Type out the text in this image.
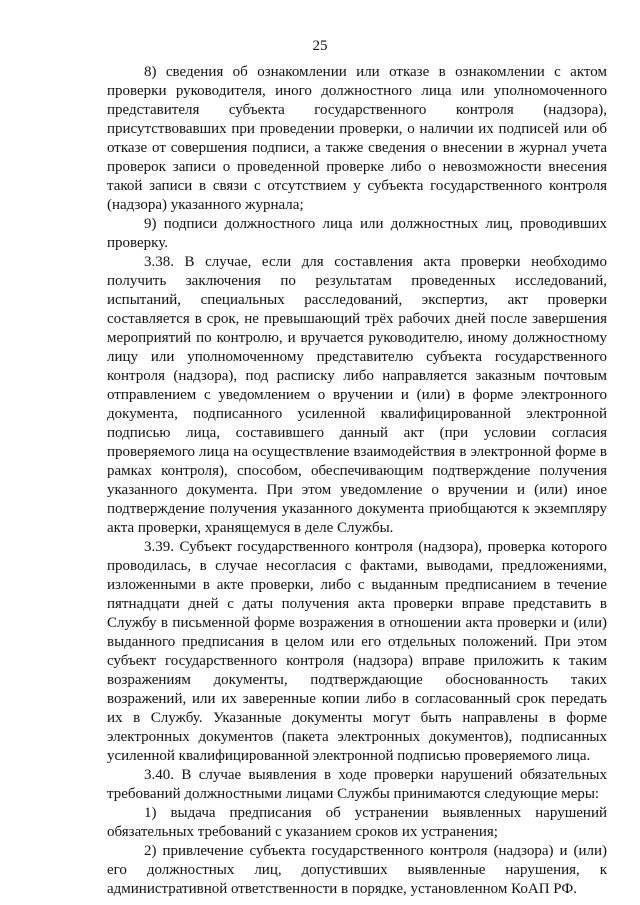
25
8) сведения об ознакомлении или отказе в ознакомлении с актом
проверки руководителя, иного должностного лица или уполномоченного
представителя субъекта государственного контроля (надзора),
присутствовавших при проведении проверки, о наличии их подписей или об
отказе от совершения подписи, а также сведения о внесении в журнал учета
проверок записи о проведенной проверке либо о невозможности внесения
такой записи в связи с отсутствием у субъекта государственного контроля
(надзора) указанного журнала;
9) подписи должностного лица или должностных лиц, проводивших
проверку.
3.38. В случае, если для составления акта проверки необходимо
получить заключения по результатам проведенных исследований,
испытаний, специальных расследований, экспертиз, акт проверки
составляется в срок, не превышающий трёх рабочих дней после завершения
мероприятий по контролю, и вручается руководителю, иному должностному
лицу или уполномоченному представителю субъекта государственного
контроля (надзора), под расписку либо направляется заказным почтовым
отправлением с уведомлением о вручении и (или) в форме электронного
документа, подписанного усиленной квалифицированной электронной
подписью лица, составившего данный акт (при условии согласия
проверяемого лица на осуществление взаимодействия в электронной форме в
рамках контроля), способом, обеспечивающим подтверждение получения
указанного документа. При этом уведомление о вручении и (или) иное
подтверждение получения указанного документа приобщаются к экземпляру
акта проверки, хранящемуся в деле Службы.
3.39. Субъект государственного контроля (надзора), проверка которого
проводилась, в случае несогласия с фактами, выводами, предложениями,
изложенными в акте проверки, либо с выданным предписанием в течение
пятнадцати дней с даты получения акта проверки вправе представить в
Службу в письменной форме возражения в отношении акта проверки и (или)
выданного предписания в целом или его отдельных положений. При этом
субъект государственного контроля (надзора) вправе приложить к таким
возражениям документы, подтверждающие обоснованность таких
возражений, или их заверенные копии либо в согласованный срок передать
их в Службу. Указанные документы могут быть направлены в форме
электронных документов (пакета электронных документов), подписанных
усиленной квалифицированной электронной подписью проверяемого лица.
3.40. В случае выявления в ходе проверки нарушений обязательных
требований должностными лицами Службы принимаются следующие меры:
1) выдача предписания об устранении выявленных нарушений
обязательных требований с указанием сроков их устранения;
2) привлечение субъекта государственного контроля (надзора) и (или)
его должностных лиц, допустивших выявленные нарушения, к
административной ответственности в порядке, установленном КоАП РФ.
